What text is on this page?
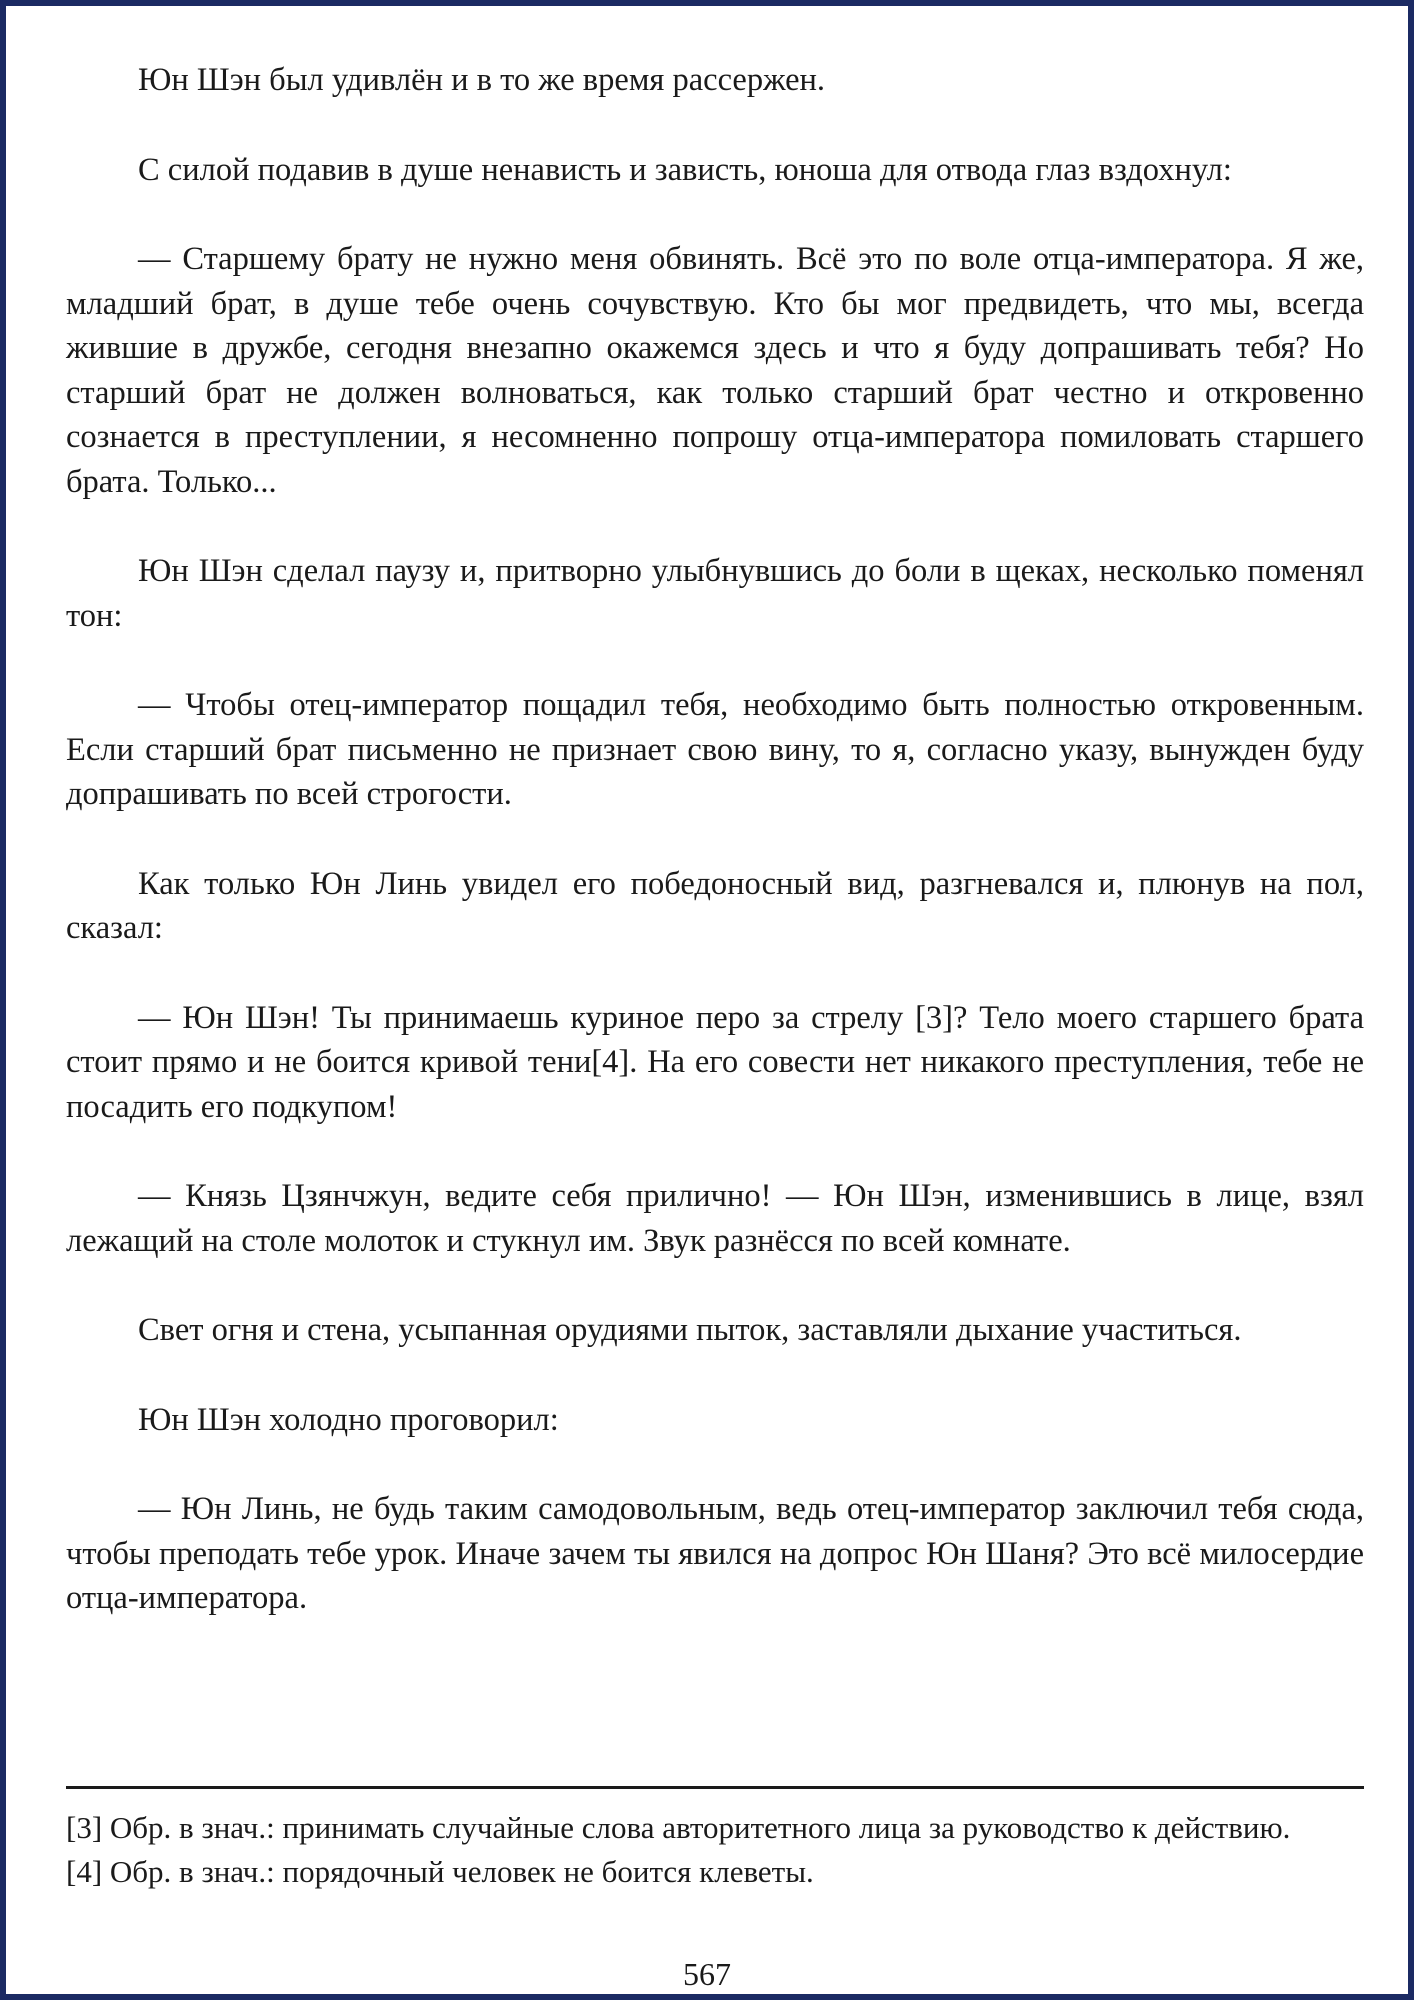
Юн Шэн был удивлён и в то же время рассержен.

С силой подавив в душе ненависть и зависть, юноша для отвода глаз вздохнул:

— Старшему брату не нужно меня обвинять. Всё это по воле отца-императора. Я же, младший брат, в душе тебе очень сочувствую. Кто бы мог предвидеть, что мы, всегда жившие в дружбе, сегодня внезапно окажемся здесь и что я буду допрашивать тебя? Но старший брат не должен волноваться, как только старший брат честно и откровенно сознается в преступлении, я несомненно попрошу отца-императора помиловать старшего брата. Только...

Юн Шэн сделал паузу и, притворно улыбнувшись до боли в щеках, несколько поменял тон:

— Чтобы отец-император пощадил тебя, необходимо быть полностью откровенным. Если старший брат письменно не признает свою вину, то я, согласно указу, вынужден буду допрашивать по всей строгости.

Как только Юн Линь увидел его победоносный вид, разгневался и, плюнув на пол, сказал:

— Юн Шэн! Ты принимаешь куриное перо за стрелу [3]? Тело моего старшего брата стоит прямо и не боится кривой тени[4]. На его совести нет никакого преступления, тебе не посадить его подкупом!

— Князь Цзянчжун, ведите себя прилично! — Юн Шэн, изменившись в лице, взял лежащий на столе молоток и стукнул им. Звук разнёсся по всей комнате.

Свет огня и стена, усыпанная орудиями пыток, заставляли дыхание участиться.

Юн Шэн холодно проговорил:

— Юн Линь, не будь таким самодовольным, ведь отец-император заключил тебя сюда, чтобы преподать тебе урок. Иначе зачем ты явился на допрос Юн Шаня? Это всё милосердие отца-императора.

[3] Обр. в знач.: принимать случайные слова авторитетного лица за руководство к действию.

[4] Обр. в знач.: порядочный человек не боится клеветы.

567
